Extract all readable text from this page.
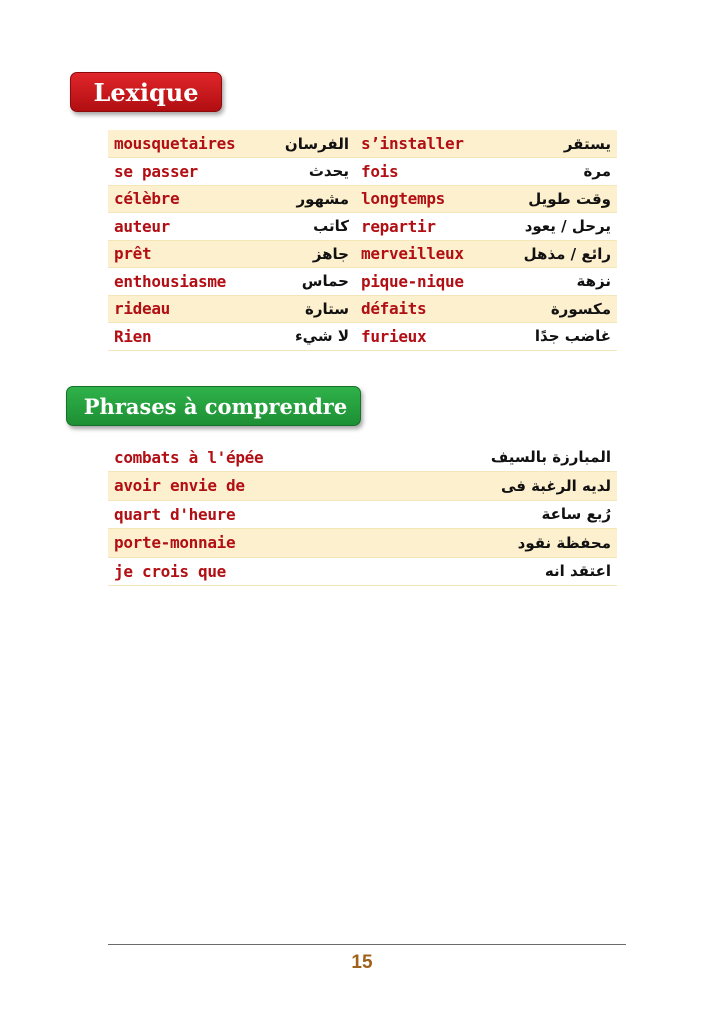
Lexique
mousquetaires الفرسان		s’installer يستقر

se passer يحدث		fois مرة

célèbre مشهور		longtemps وقت طويل

auteur كاتب		repartir يرحل / يعود

prêt جاهز		merveilleux رائع / مذهل

enthousiasme حماس		pique-nique نزهة

rideau ستارة		défaits مكسورة

Rien لا شيء		furieux غاضب جدًا
Phrases à comprendre
combats à l'épée	المبارزة بالسيف
avoir envie de	لديه الرغبة فى
quart d'heure	رُبع ساعة
porte-monnaie	محفظة نقود
je crois que	اعتقد انه
15
